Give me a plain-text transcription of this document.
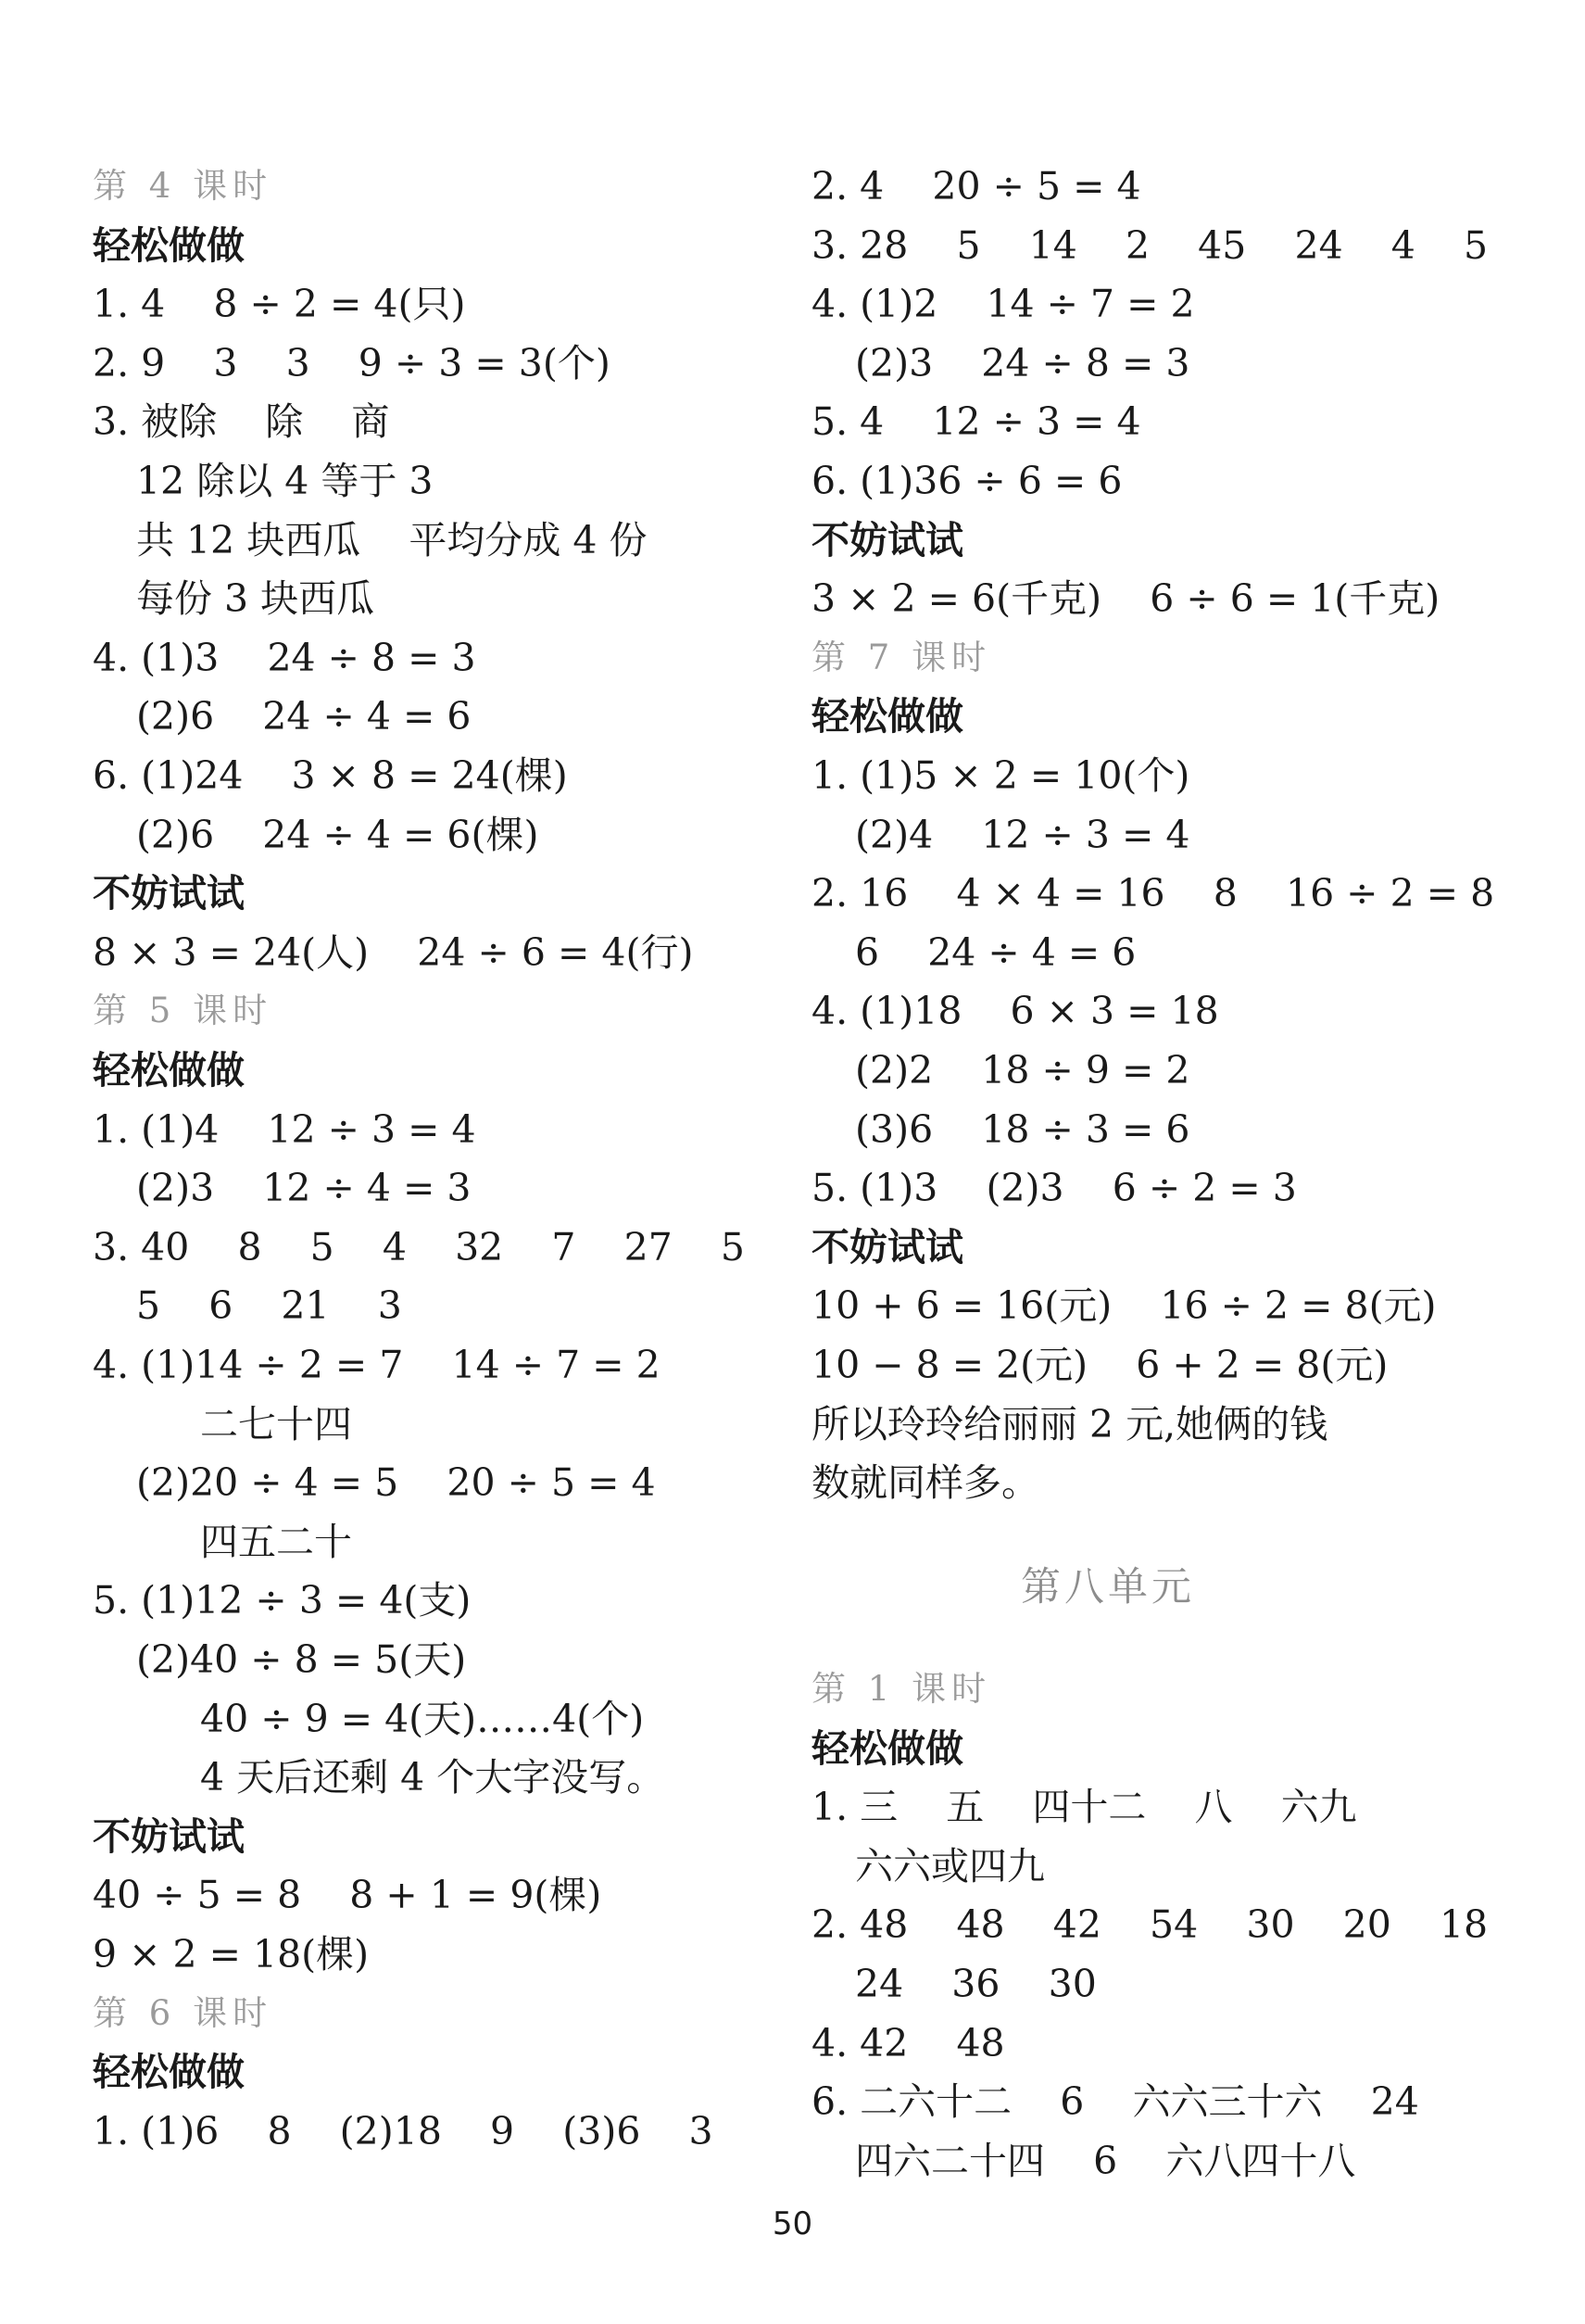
第 4 课时
轻松做做
1. 4    8 ÷ 2 = 4(只)
2. 9    3    3    9 ÷ 3 = 3(个)
3. 被除    除    商
12 除以 4 等于 3
共 12 块西瓜    平均分成 4 份
每份 3 块西瓜
4. (1)3    24 ÷ 8 = 3
(2)6    24 ÷ 4 = 6
6. (1)24    3 × 8 = 24(棵)
(2)6    24 ÷ 4 = 6(棵)
不妨试试
8 × 3 = 24(人)    24 ÷ 6 = 4(行)
第 5 课时
轻松做做
1. (1)4    12 ÷ 3 = 4
(2)3    12 ÷ 4 = 3
3. 40    8    5    4    32    7    27    5
5    6    21    3
4. (1)14 ÷ 2 = 7    14 ÷ 7 = 2
二七十四
(2)20 ÷ 4 = 5    20 ÷ 5 = 4
四五二十
5. (1)12 ÷ 3 = 4(支)
(2)40 ÷ 8 = 5(天)
40 ÷ 9 = 4(天)……4(个)
4 天后还剩 4 个大字没写。
不妨试试
40 ÷ 5 = 8    8 + 1 = 9(棵)
9 × 2 = 18(棵)
第 6 课时
轻松做做
1. (1)6    8    (2)18    9    (3)6    3
2. 4    20 ÷ 5 = 4
3. 28    5    14    2    45    24    4    5
4. (1)2    14 ÷ 7 = 2
(2)3    24 ÷ 8 = 3
5. 4    12 ÷ 3 = 4
6. (1)36 ÷ 6 = 6
不妨试试
3 × 2 = 6(千克)    6 ÷ 6 = 1(千克)
第 7 课时
轻松做做
1. (1)5 × 2 = 10(个)
(2)4    12 ÷ 3 = 4
2. 16    4 × 4 = 16    8    16 ÷ 2 = 8
6    24 ÷ 4 = 6
4. (1)18    6 × 3 = 18
(2)2    18 ÷ 9 = 2
(3)6    18 ÷ 3 = 6
5. (1)3    (2)3    6 ÷ 2 = 3
不妨试试
10 + 6 = 16(元)    16 ÷ 2 = 8(元)
10 − 8 = 2(元)    6 + 2 = 8(元)
所以玲玲给丽丽 2 元,她俩的钱
数就同样多。
第八单元
第 1 课时
轻松做做
1. 三    五    四十二    八    六九
六六或四九
2. 48    48    42    54    30    20    18
24    36    30
4. 42    48
6. 二六十二    6    六六三十六    24
四六二十四    6    六八四十八
50
